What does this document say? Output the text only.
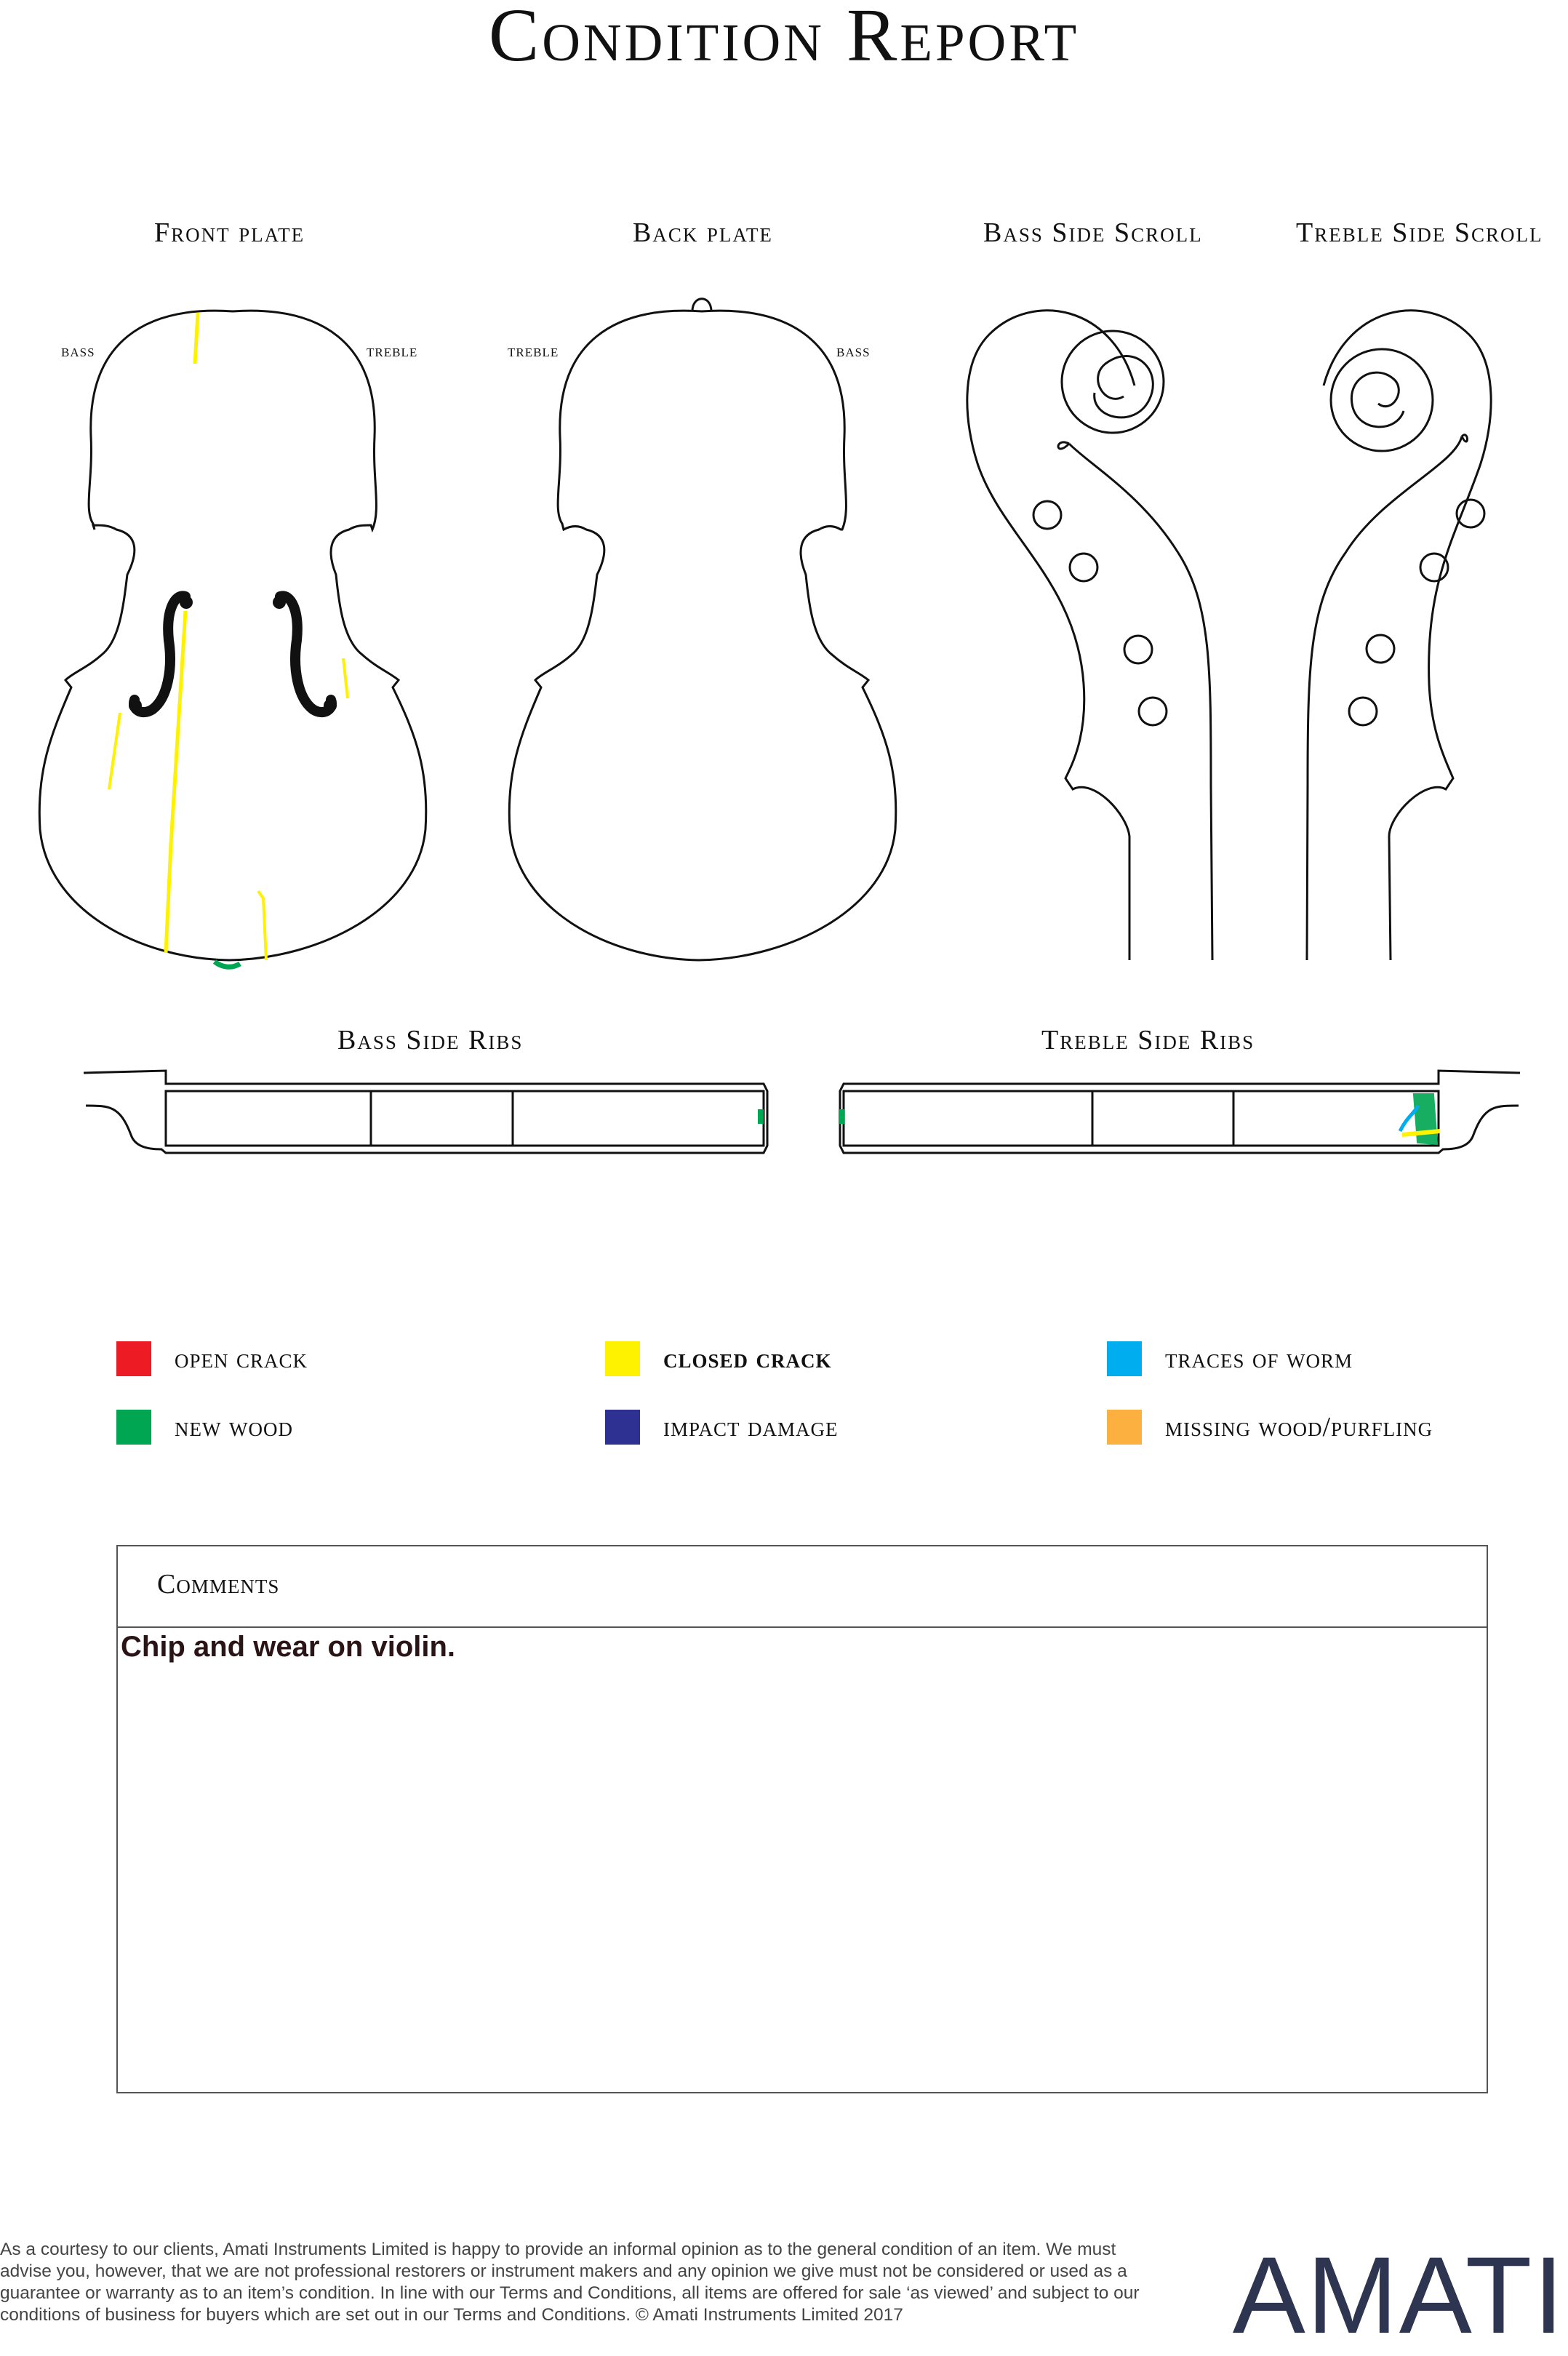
Condition Report
Front plate	Back plate	Bass Side Scroll	Treble Side Scroll
Bass Side Ribs	Treble Side Ribs
bass	treble	treble	bass
open crack	closed crack	traces of worm
new wood	impact damage	missing wood/purfling
Comments
Chip and wear on violin.
As a courtesy to our clients, Amati Instruments Limited is happy to provide an informal opinion as to the general condition of an item. We must advise you, however, that we are not professional restorers or instrument makers and any opinion we give must not be considered or used as a guarantee or warranty as to an item’s condition. In line with our Terms and Conditions, all items are offered for sale ‘as viewed’ and subject to our conditions of business for buyers which are set out in our Terms and Conditions. © Amati Instruments Limited 2017	AMATI
